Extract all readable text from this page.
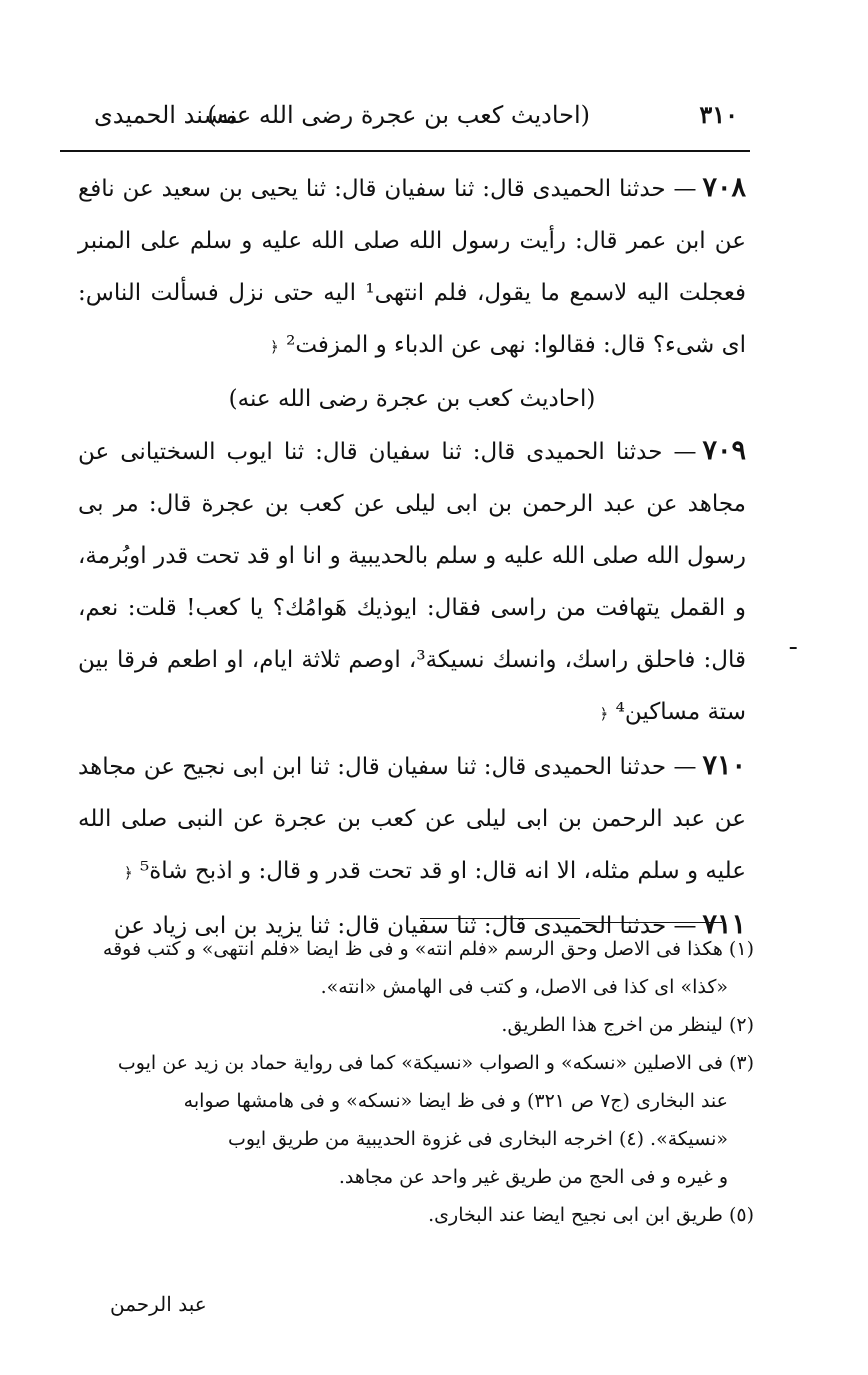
٣١٠
(احاديث كعب بن عجرة رضى الله عنه)
مسند الحميدى

٧٠٨— حدثنا الحميدى قال: ثنا سفيان قال: ثنا يحيى بن سعيد عن نافع عن ابن عمر قال: رأيت رسول الله صلى الله عليه و سلم على المنبر فعجلت اليه لاسمع ما يقول، فلم انتهى¹ اليه حتى نزل فسألت الناس: اى شىء؟ قال: فقالوا: نهى عن الدباء و المزفت² ﴿

(احاديث كعب بن عجرة رضى الله عنه)

٧٠٩— حدثنا الحميدى قال: ثنا سفيان قال: ثنا ايوب السختيانى عن مجاهد عن عبد الرحمن بن ابى ليلى عن كعب بن عجرة قال: مر بى رسول الله صلى الله عليه و سلم بالحديبية و انا او قد تحت قدر اوبُرمة، و القمل يتهافت من راسى فقال: ايوذيك هَوامُك؟ يا كعب! قلت: نعم، قال: فاحلق راسك، وانسك نسيكة³، اوصم ثلاثة ايام، او اطعم فرقا بين ستة مساكين⁴ ﴿

٧١٠— حدثنا الحميدى قال: ثنا سفيان قال: ثنا ابن ابى نجيح عن مجاهد عن عبد الرحمن بن ابى ليلى عن كعب بن عجرة عن النبى صلى الله عليه و سلم مثله، الا انه قال: او قد تحت قدر و قال: و اذبح شاة⁵ ﴿

٧١١— حدثنا الحميدى قال: ثنا سفيان قال: ثنا يزيد بن ابى زياد عن

(١) هكذا فى الاصل وحق الرسم «فلم انته» و فى ظ ايضا «فلم انتهى» و كتب فوقه

«كذا» اى كذا فى الاصل، و كتب فى الهامش «انته».

(٢) لينظر من اخرج هذا الطريق.

(٣) فى الاصلين «نسكه» و الصواب «نسيكة» كما فى رواية حماد بن زيد عن ايوب

عند البخارى (ج٧ ص ٣٢١) و فى ظ ايضا «نسكه» و فى هامشها صوابه

«نسيكة». (٤) اخرجه البخارى فى غزوة الحديبية من طريق ايوب

و غيره و فى الحج من طريق غير واحد عن مجاهد.

(٥) طريق ابن ابى نجيح ايضا عند البخارى.

عبد الرحمن
ـ
